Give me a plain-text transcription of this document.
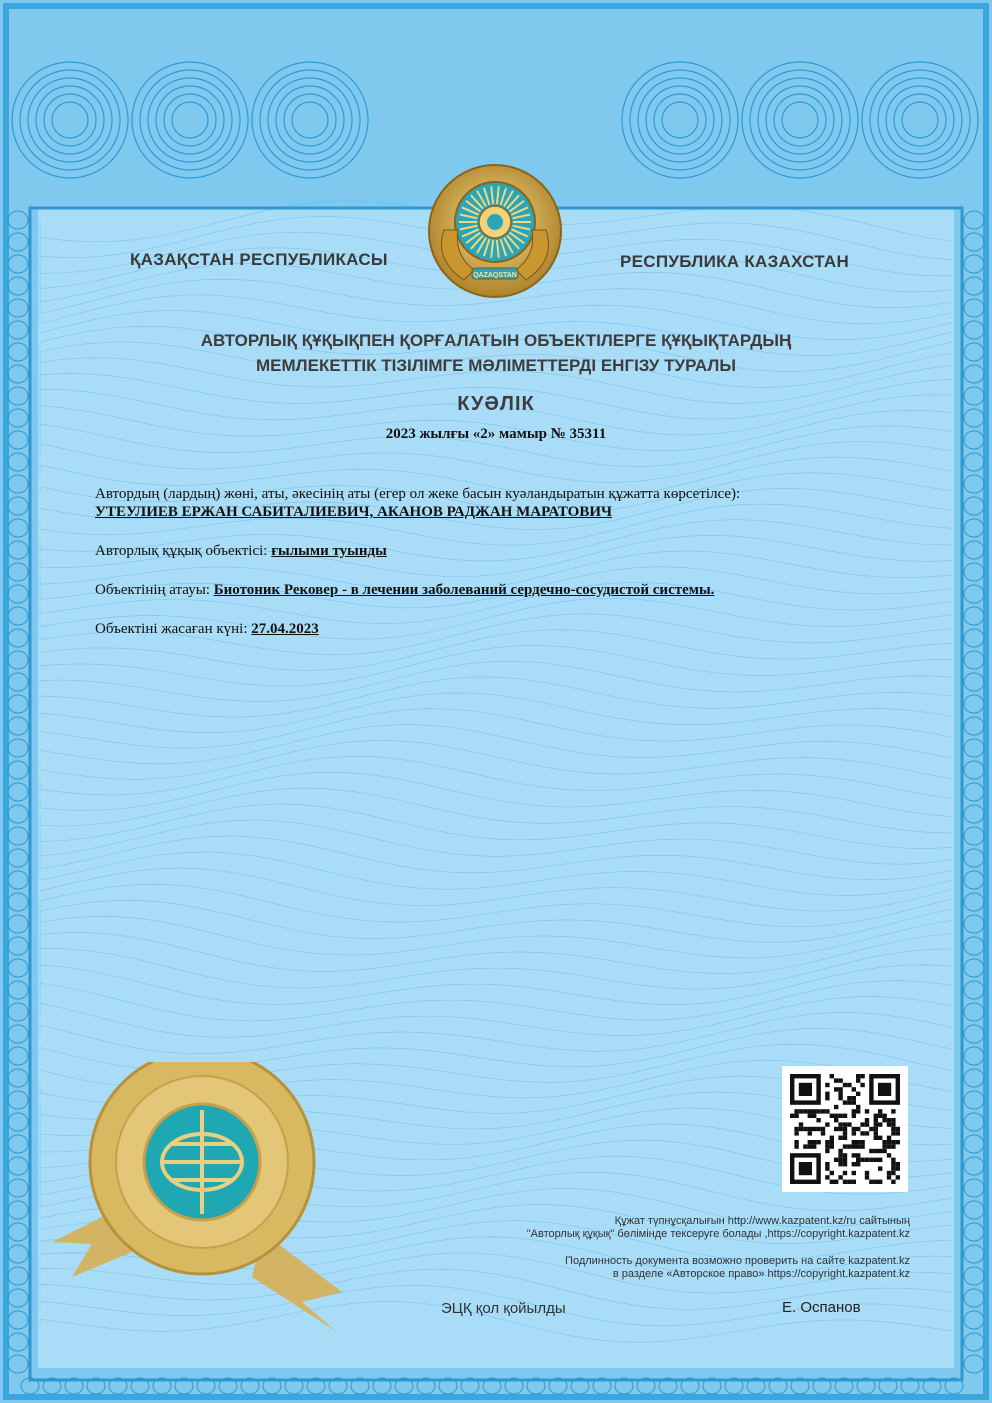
ҚАЗАҚСТАН РЕСПУБЛИКАСЫ	РЕСПУБЛИКА КАЗАХСТАН
QAZAQSTAN
АВТОРЛЫҚ ҚҰҚЫҚПЕН ҚОРҒАЛАТЫН ОБЪЕКТІЛЕРГЕ ҚҰҚЫҚТАРДЫҢ
МЕМЛЕКЕТТІК ТІЗІЛІМГЕ МӘЛІМЕТТЕРДІ ЕНГІЗУ ТУРАЛЫ
КУӘЛІК
2023 жылғы «2» мамыр № 35311
Автордың (лардың) жөні, аты, әкесінің аты (егер ол жеке басын куәландыратын құжатта көрсетілсе):
УТЕУЛИЕВ ЕРЖАН САБИТАЛИЕВИЧ, АКАНОВ РАДЖАН МАРАТОВИЧ
Авторлық құқық объектісі: ғылыми туынды
Объектінің атауы: Биотоник Рековер - в лечении заболеваний сердечно-сосудистой системы.
Объектіні жасаған күні: 27.04.2023
Құжат түпнұсқалығын http://www.kazpatent.kz/ru сайтының
"Авторлық құқық" бөлімінде тексеруге болады ,https://copyright.kazpatent.kz
Подлинность документа возможно проверить на сайте kazpatent.kz
в разделе «Авторское право» https://copyright.kazpatent.kz
ЭЦҚ қол қойылды	Е. Оспанов
